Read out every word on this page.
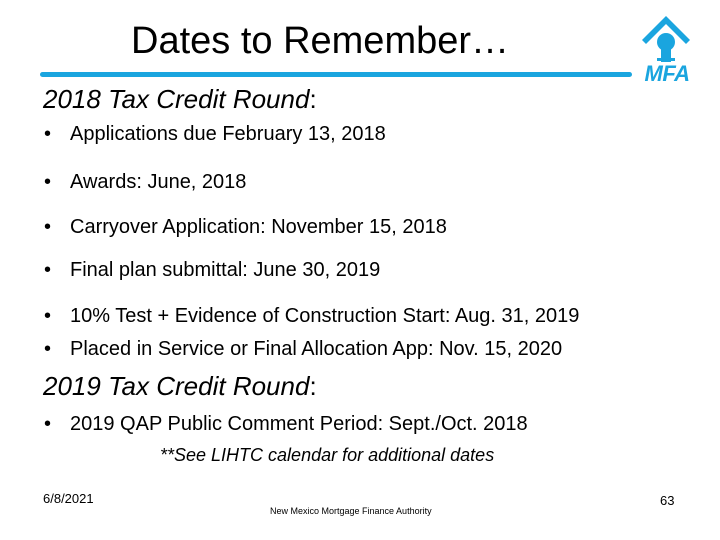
Dates to Remember…
MFA
2018 Tax Credit Round:
• Applications due February 13, 2018
• Awards: June, 2018
• Carryover Application: November 15, 2018
• Final plan submittal: June 30, 2019
• 10% Test + Evidence of Construction Start: Aug. 31, 2019
• Placed in Service or Final Allocation App: Nov. 15, 2020
2019 Tax Credit Round:
• 2019 QAP Public Comment Period: Sept./Oct. 2018
**See LIHTC calendar for additional dates
6/8/2021
New Mexico Mortgage Finance Authority
63
